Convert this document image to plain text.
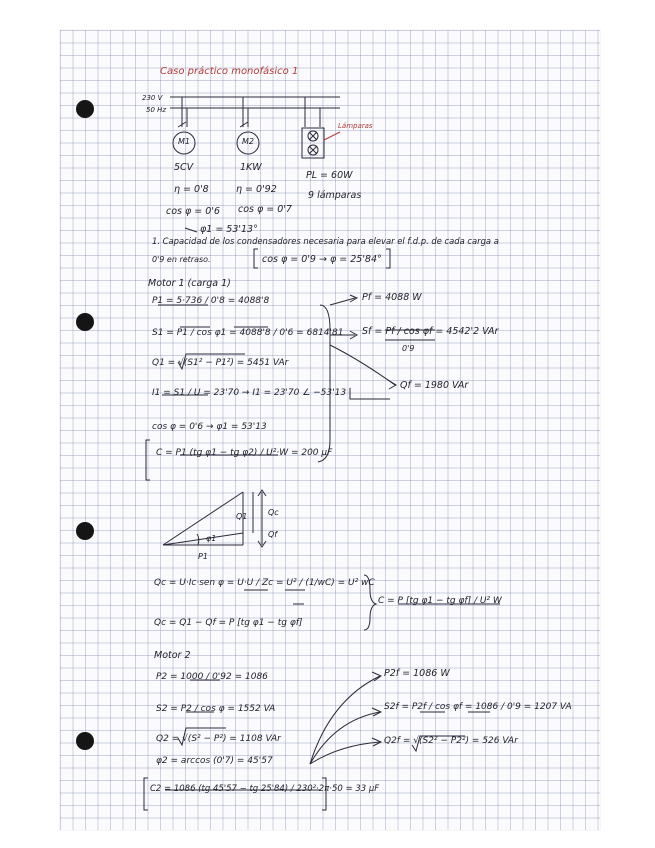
Caso práctico monofásico 1
230 V
50 Hz
Lámparas
M1	M2
5CV
η = 0'8
cos φ = 0'6
φ1 = 53'13°
1KW
η = 0'92
cos φ = 0'7
PL = 60W
9 lámparas
1. Capacidad de los condensadores necesaria para elevar el f.d.p. de cada carga a
0'9 en retraso.	cos φ = 0'9 → φ = 25'84°
Motor 1 (carga 1)
P1 = 5·736 / 0'8 = 4088'8
S1 = P1 / cos φ1 = 4088'8 / 0'6 = 6814'81
Q1 = √(S1² − P1²) = 5451 VAr
I1 = S1 / U = 23'70 → I1 = 23'70 ∠ −53'13
cos φ = 0'6 → φ1 = 53'13
C = P1 (tg φ1 − tg φ2) / U²·W = 200 µF
Pf = 4088 W
Sf = Pf / cos φf = 4542'2 VAr
0'9
Qf = 1980 VAr
Qc
Q1
Qf
P1
φ1
Qc = U·Ic·sen φ = U·U / Zc = U² / (1/wC) = U² wC
Qc = Q1 − Qf = P [tg φ1 − tg φf]
C = P [tg φ1 − tg φf] / U² W
Motor 2
P2 = 1000 / 0'92 = 1086
S2 = P2 / cos φ = 1552 VA
Q2 = √(S² − P²) = 1108 VAr
φ2 = arccos (0'7) = 45'57
C2 = 1086 (tg 45'57 − tg 25'84) / 230²·2π·50 = 33 µF
P2f = 1086 W
S2f = P2f / cos φf = 1086 / 0'9 = 1207 VA
Q2f = √(S2² − P2²) = 526 VAr
